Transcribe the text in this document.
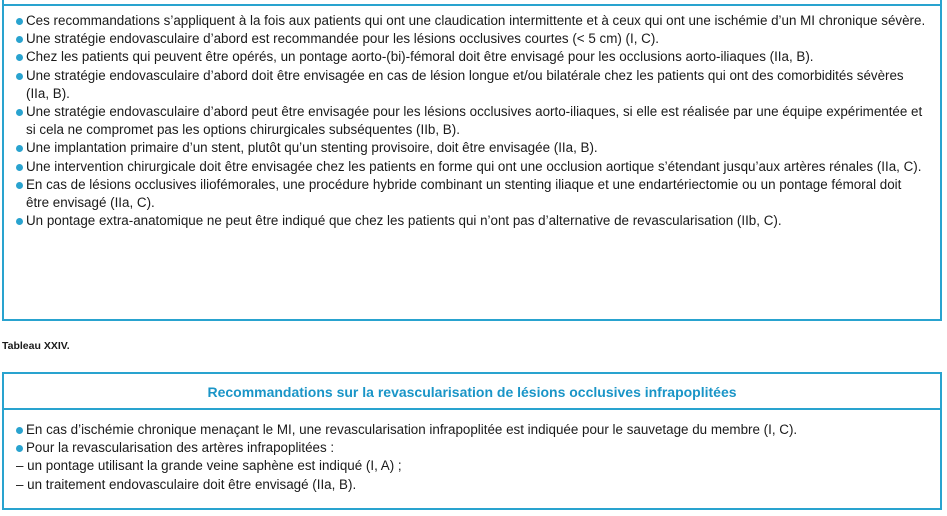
Ces recommandations s’appliquent à la fois aux patients qui ont une claudication intermittente et à ceux qui ont une ischémie d’un MI chronique sévère.
Une stratégie endovasculaire d’abord est recommandée pour les lésions occlusives courtes (< 5 cm) (I, C).
Chez les patients qui peuvent être opérés, un pontage aorto-(bi)-fémoral doit être envisagé pour les occlusions aorto-iliaques (IIa, B).
Une stratégie endovasculaire d’abord doit être envisagée en cas de lésion longue et/ou bilatérale chez les patients qui ont des comorbidités sévères (IIa, B).
Une stratégie endovasculaire d’abord peut être envisagée pour les lésions occlusives aorto-iliaques, si elle est réalisée par une équipe expérimentée et si cela ne compromet pas les options chirurgicales subséquentes (IIb, B).
Une implantation primaire d’un stent, plutôt qu’un stenting provisoire, doit être envisagée (IIa, B).
Une intervention chirurgicale doit être envisagée chez les patients en forme qui ont une occlusion aortique s’étendant jusqu’aux artères rénales (IIa, C).
En cas de lésions occlusives iliofémorales, une procédure hybride combinant un stenting iliaque et une endartériectomie ou un pontage fémoral doit être envisagé (IIa, C).
Un pontage extra-anatomique ne peut être indiqué que chez les patients qui n’ont pas d’alternative de revascularisation (IIb, C).
Tableau XXIV.
Recommandations sur la revascularisation de lésions occlusives infrapoplitées
En cas d’ischémie chronique menaçant le MI, une revascularisation infrapoplitée est indiquée pour le sauvetage du membre (I, C).
Pour la revascularisation des artères infrapoplitées :
– un pontage utilisant la grande veine saphène est indiqué (I, A) ;
– un traitement endovasculaire doit être envisagé (IIa, B).
